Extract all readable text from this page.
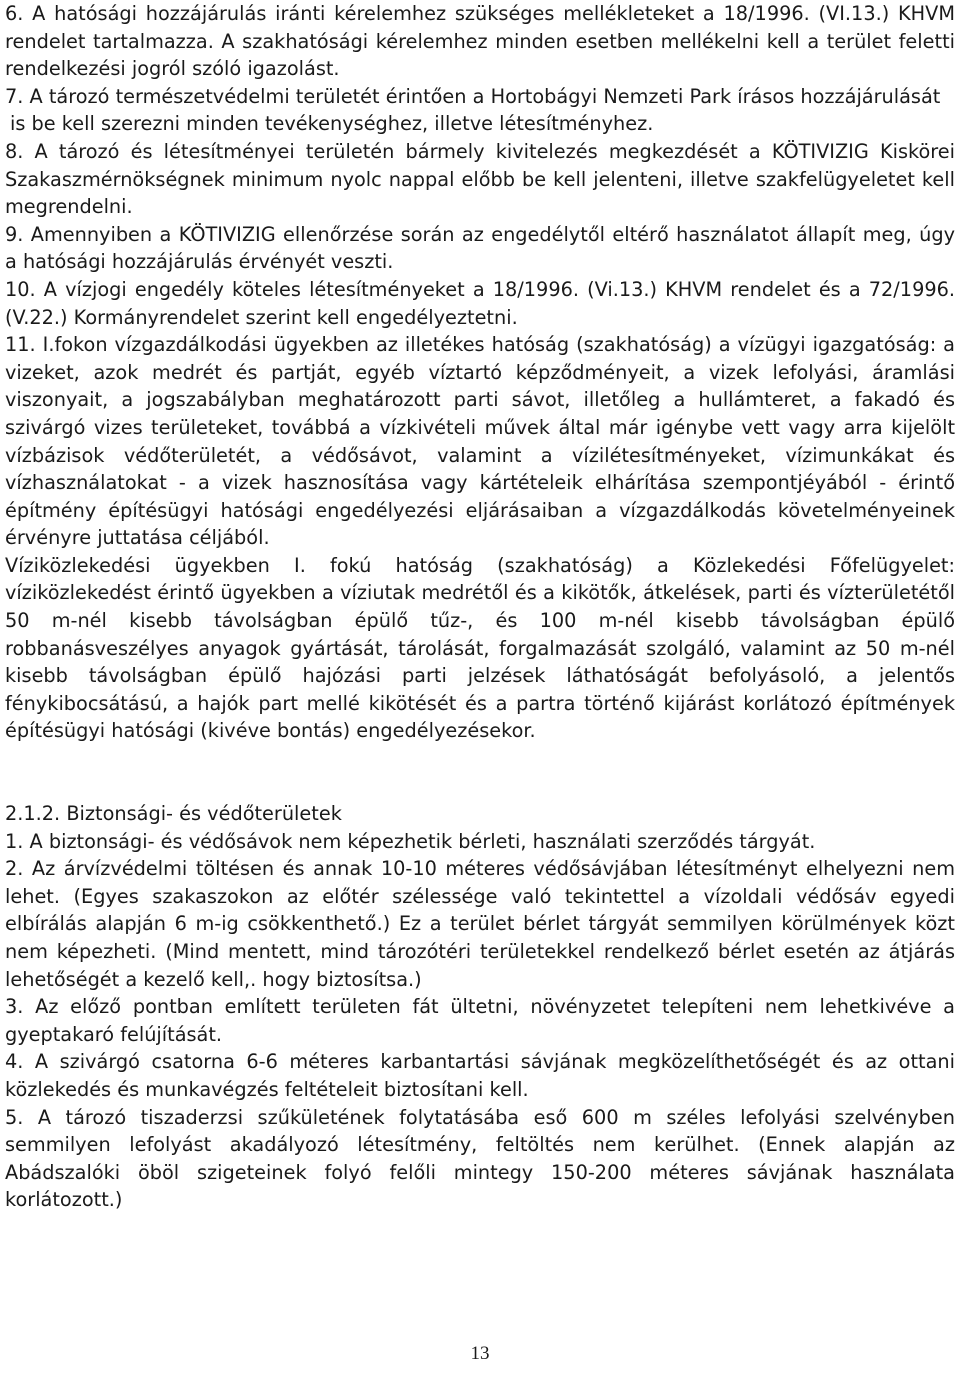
6. A hatósági hozzájárulás iránti kérelemhez szükséges mellékleteket a 18/1996. (VI.13.) KHVM rendelet tartalmazza. A szakhatósági kérelemhez minden esetben mellékelni kell a terület feletti rendelkezési jogról szóló igazolást.

7. A tározó természetvédelmi területét érintően a Hortobágyi Nemzeti Park írásos hozzájárulását

is be kell szerezni minden tevékenységhez, illetve létesítményhez.

8. A tározó és létesítményei területén bármely kivitelezés megkezdését a KÖTIVIZIG Kiskörei Szakaszmérnökségnek minimum nyolc nappal előbb be kell jelenteni, illetve szakfelügyeletet kell megrendelni.

9. Amennyiben a KÖTIVIZIG ellenőrzése során az engedélytől eltérő használatot állapít meg, úgy a hatósági hozzájárulás érvényét veszti.

10. A vízjogi engedély köteles létesítményeket a 18/1996. (Vi.13.) KHVM rendelet és a 72/1996.(V.22.) Kormányrendelet szerint kell engedélyeztetni.

11. I.fokon vízgazdálkodási ügyekben az illetékes hatóság (szakhatóság) a vízügyi igazgatóság: a vizeket, azok medrét és partját, egyéb víztartó képződményeit, a vizek lefolyási, áramlási viszonyait, a jogszabályban meghatározott parti sávot, illetőleg a hullámteret, a fakadó és szivárgó vizes területeket, továbbá a vízkivételi művek által már igénybe vett vagy arra kijelölt vízbázisok védőterületét, a védősávot, valamint a vízilétesítményeket, vízimunkákat és vízhasználatokat - a vizek hasznosítása vagy kártételeik elhárítása szempontjéyából - érintő építmény építésügyi hatósági engedélyezési eljárásaiban a vízgazdálkodás követelményeinek érvényre juttatása céljából.

Víziközlekedési ügyekben I. fokú hatóság (szakhatóság) a Közlekedési Főfelügyelet: víziközlekedést érintő ügyekben a víziutak medrétől és a kikötők, átkelések, parti és vízterületétől 50 m-nél kisebb távolságban épülő tűz-, és 100 m-nél kisebb távolságban épülő robbanásveszélyes anyagok gyártását, tárolását, forgalmazását szolgáló, valamint az 50 m-nél kisebb távolságban épülő hajózási parti jelzések láthatóságát befolyásoló, a jelentős fénykibocsátású, a hajók part mellé kikötését és a partra történő kijárást korlátozó építmények építésügyi hatósági (kivéve bontás) engedélyezésekor.

2.1.2. Biztonsági- és védőterületek

1. A biztonsági- és védősávok nem képezhetik bérleti, használati szerződés tárgyát.

2. Az árvízvédelmi töltésen és annak 10-10 méteres védősávjában létesítményt elhelyezni nem lehet. (Egyes szakaszokon az előtér szélessége való tekintettel a vízoldali védősáv egyedi elbírálás alapján 6 m-ig csökkenthető.) Ez a terület bérlet tárgyát semmilyen körülmények közt nem képezheti. (Mind mentett, mind tározótéri területekkel rendelkező bérlet esetén az átjárás lehetőségét a kezelő kell,. hogy biztosítsa.)

3. Az előző pontban említett területen fát ültetni, növényzetet telepíteni nem lehetkivéve a gyeptakaró felújítását.

4. A szivárgó csatorna 6-6 méteres karbantartási sávjának megközelíthetőségét és az ottani közlekedés és munkavégzés feltételeit biztosítani kell.

5. A tározó tiszaderzsi szűkületének folytatásába eső 600 m széles lefolyási szelvényben semmilyen lefolyást akadályozó létesítmény, feltöltés nem kerülhet. (Ennek alapján az Abádszalóki öböl szigeteinek folyó felőli mintegy 150-200 méteres sávjának használata korlátozott.)

13
